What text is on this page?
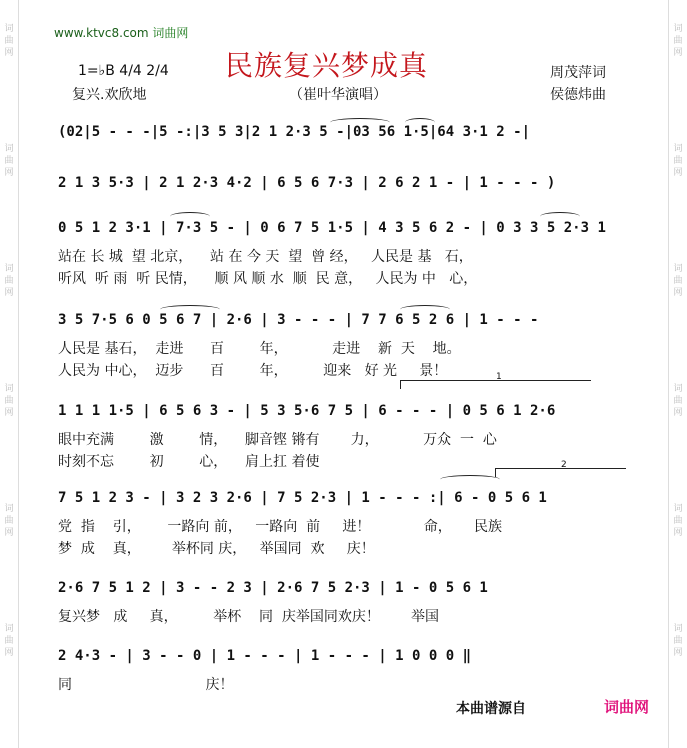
词
曲
网
词
曲
网
词
曲
网
词
曲
网
词
曲
网
词
曲
网
词
曲
网
词
曲
网
词
曲
网
词
曲
网
词
曲
网
词
曲
网
www.ktvc8.com 词曲网
民族复兴梦成真
1=♭B 4/4 2/4
复兴.欢欣地	（崔叶华演唱）
周茂萍词
侯德炜曲
(02|5 - - -|5 -:|3 5 3|2 1 2·3 5 -|03 56 1·5|64 3·1 2 -|
2 1 3 5·3 | 2 1 2·3 4·2 | 6 5 6 7·3 | 2 6 2 1 - | 1 - - - )
0 5 1 2 3·1 | 7·3 5 - | 0 6 7 5 1·5 | 4 3 5 6 2 - | 0 3 3 5 2·3 1
站在 长 城  望 北京，    站 在 今 天  望  曾 经，   人民是 基   石，
听风  听 雨  听 民情，    顺 风 顺 水  顺  民 意，   人民为 中   心，
3 5 7·5 6 0 5 6 7 | 2·6 | 3 - - - | 7 7 6 5 2 6 | 1 - - -
人民是 基石，  走进      百        年，          走进    新  天    地。
人民为 中心，  迈步      百        年，        迎来   好 光     景！
1 1 1 1·5 | 6 5 6 3 - | 5 3 5·6 7 5 | 6 - - - | 0 5 6 1 2·6
眼中充满        激        情，    脚音铿 锵有       力，          万众  一  心
时刻不忘        初        心，    肩上扛 着使
7 5 1 2 3 - | 3 2 3 2·6 | 7 5 2·3 | 1 - - - :| 6 - 0 5 6 1
党  指    引，      一路向 前，   一路向  前     进！            命，     民族
梦  成    真，       举杯同 庆，   举国同  欢     庆！
2·6 7 5 1 2 | 3 - - 2 3 | 2·6 7 5 2·3 | 1 - 0 5 6 1
复兴梦   成     真，        举杯    同  庆举国同欢庆！       举国
2 4·3 - | 3 - - 0 | 1 - - - | 1 - - - | 1 0 0 0 ‖
同                              庆！
1
2
本曲谱源自	词曲网
